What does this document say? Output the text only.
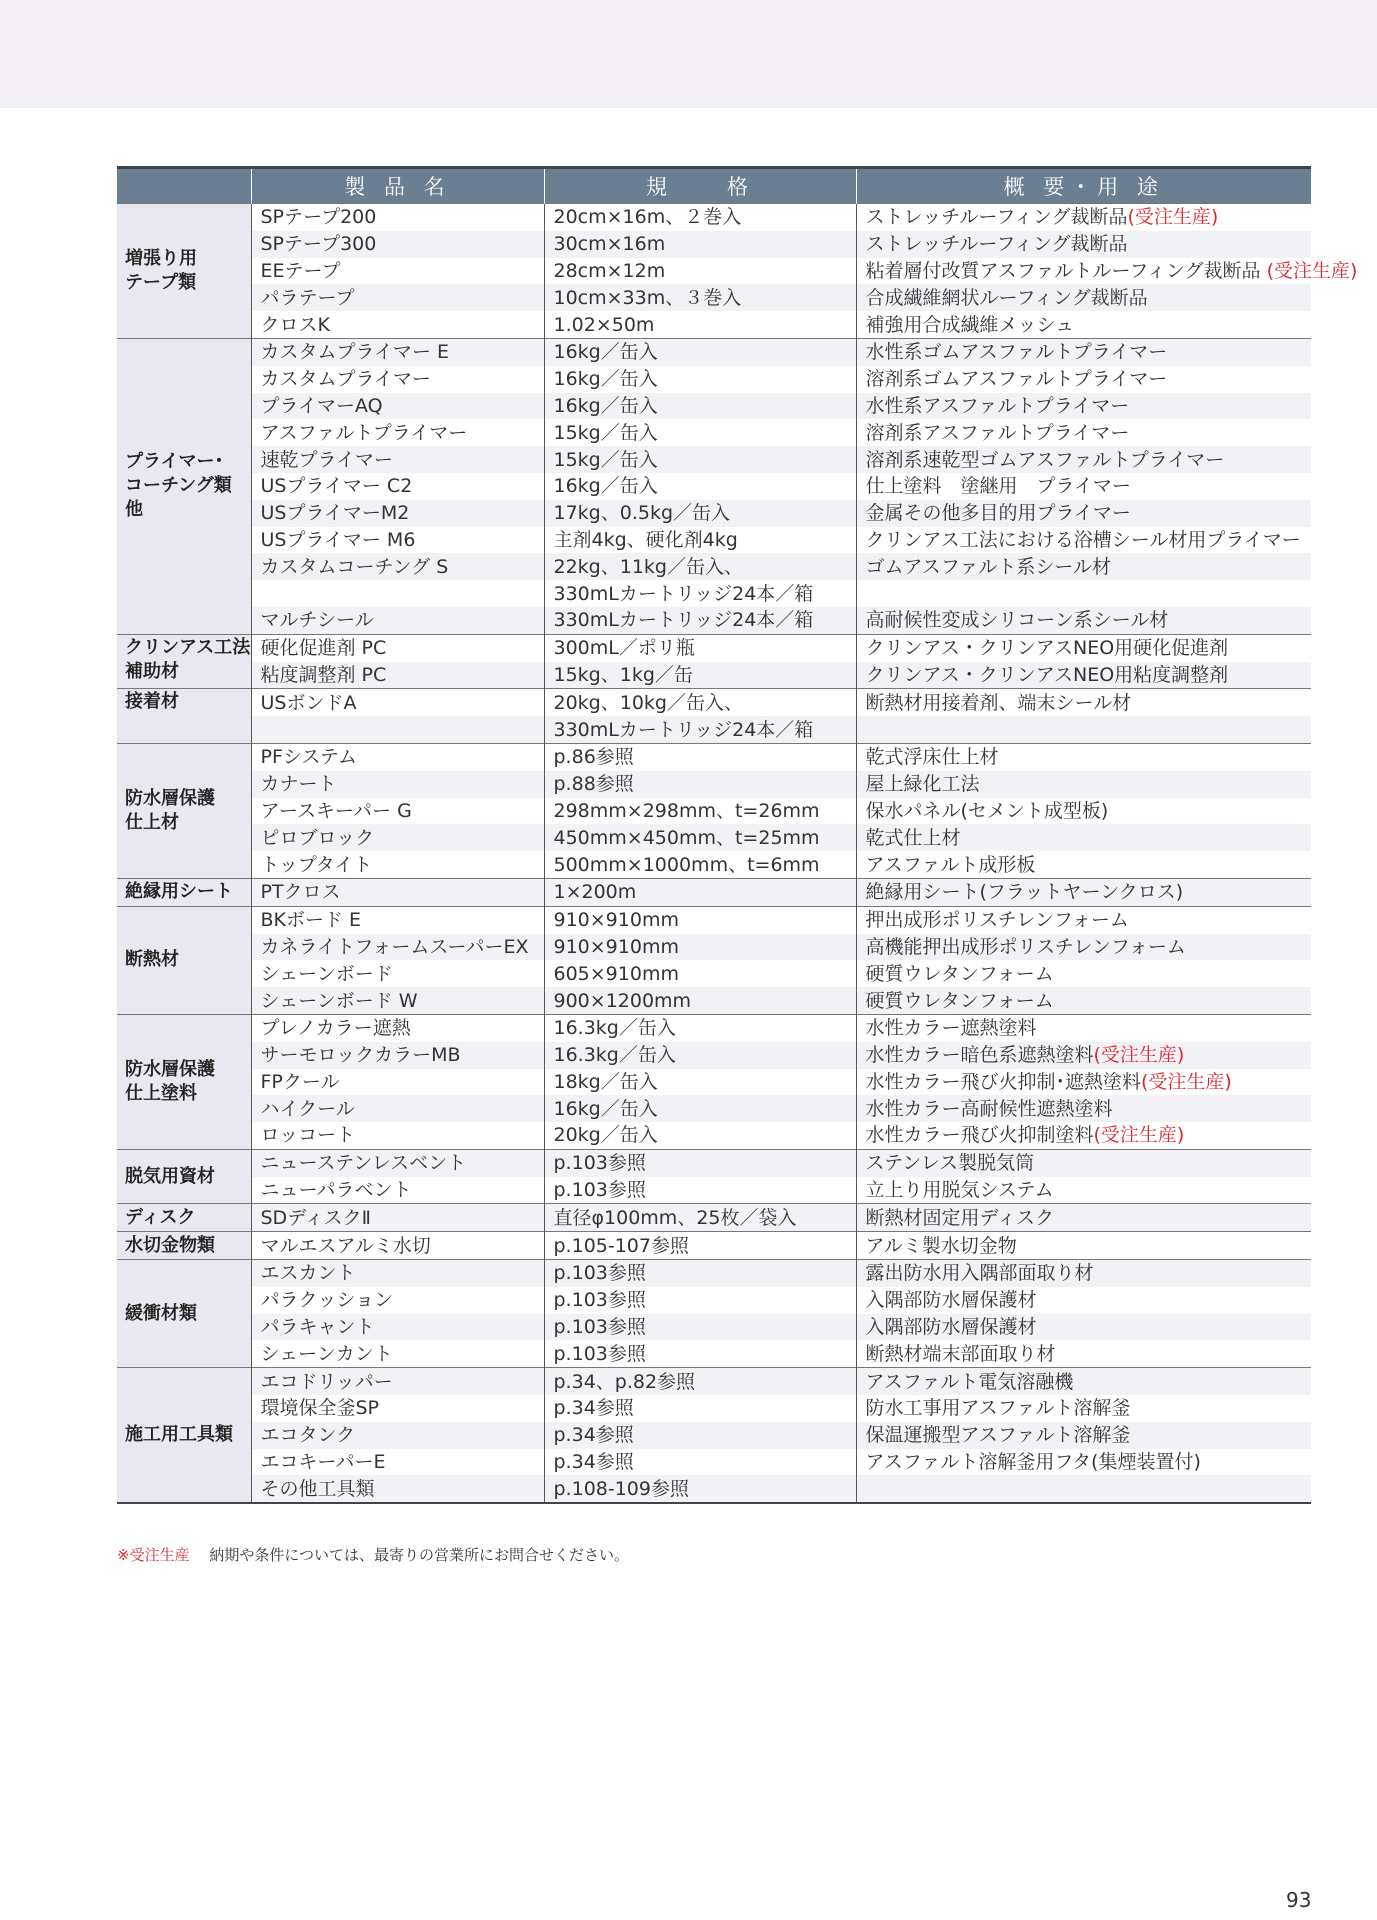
	製 品 名	規　　格	概 要・用 途
増張り用
テープ類	SPテープ200	20cm×16m、２巻入	ストレッチルーフィング裁断品(受注生産)
	SPテープ300	30cm×16m	ストレッチルーフィング裁断品
	EEテープ	28cm×12m	粘着層付改質アスファルトルーフィング裁断品 (受注生産)
	パラテープ	10cm×33m、３巻入	合成繊維網状ルーフィング裁断品
	クロスK	1.02×50m	補強用合成繊維メッシュ
プライマー･
コーチング類
他	カスタムプライマー E	16kg／缶入	水性系ゴムアスファルトプライマー
	カスタムプライマー	16kg／缶入	溶剤系ゴムアスファルトプライマー
	プライマーAQ	16kg／缶入	水性系アスファルトプライマー
	アスファルトプライマー	15kg／缶入	溶剤系アスファルトプライマー
	速乾プライマー	15kg／缶入	溶剤系速乾型ゴムアスファルトプライマー
	USプライマー C2	16kg／缶入	仕上塗料　塗継用　プライマー
	USプライマーM2	17kg、0.5kg／缶入	金属その他多目的用プライマー
	USプライマー M6	主剤4kg、硬化剤4kg	クリンアス工法における浴槽シール材用プライマー
	カスタムコーチング S	22kg、11kg／缶入、	ゴムアスファルト系シール材
		330mLカートリッジ24本／箱	
	マルチシール	330mLカートリッジ24本／箱	高耐候性変成シリコーン系シール材
クリンアス工法
補助材	硬化促進剤 PC	300mL／ポリ瓶	クリンアス・クリンアスNEO用硬化促進剤
	粘度調整剤 PC	15kg、1kg／缶	クリンアス・クリンアスNEO用粘度調整剤
接着材	USボンドA	20kg、10kg／缶入、	断熱材用接着剤、端末シール材
		330mLカートリッジ24本／箱	
防水層保護
仕上材	PFシステム	p.86参照	乾式浮床仕上材
	カナート	p.88参照	屋上緑化工法
	アースキーパー G	298mm×298mm、t=26mm	保水パネル(セメント成型板)
	ピロブロック	450mm×450mm、t=25mm	乾式仕上材
	トップタイト	500mm×1000mm、t=6mm	アスファルト成形板
絶縁用シート	PTクロス	1×200m	絶縁用シート(フラットヤーンクロス)
断熱材	BKボード E	910×910mm	押出成形ポリスチレンフォーム
	カネライトフォームスーパーEX	910×910mm	高機能押出成形ポリスチレンフォーム
	シェーンボード	605×910mm	硬質ウレタンフォーム
	シェーンボード W	900×1200mm	硬質ウレタンフォーム
防水層保護
仕上塗料	プレノカラー遮熱	16.3kg／缶入	水性カラー遮熱塗料
	サーモロックカラーMB	16.3kg／缶入	水性カラー暗色系遮熱塗料(受注生産)
	FPクール	18kg／缶入	水性カラー飛び火抑制･遮熱塗料(受注生産)
	ハイクール	16kg／缶入	水性カラー高耐候性遮熱塗料
	ロッコート	20kg／缶入	水性カラー飛び火抑制塗料(受注生産)
脱気用資材	ニューステンレスベント	p.103参照	ステンレス製脱気筒
	ニューパラベント	p.103参照	立上り用脱気システム
ディスク	SDディスクⅡ	直径φ100mm、25枚／袋入	断熱材固定用ディスク
水切金物類	マルエスアルミ水切	p.105-107参照	アルミ製水切金物
緩衝材類	エスカント	p.103参照	露出防水用入隅部面取り材
	パラクッション	p.103参照	入隅部防水層保護材
	パラキャント	p.103参照	入隅部防水層保護材
	シェーンカント	p.103参照	断熱材端末部面取り材
施工用工具類	エコドリッパー	p.34、p.82参照	アスファルト電気溶融機
	環境保全釜SP	p.34参照	防水工事用アスファルト溶解釜
	エコタンク	p.34参照	保温運搬型アスファルト溶解釜
	エコキーパーE	p.34参照	アスファルト溶解釜用フタ(集煙装置付)
	その他工具類	p.108-109参照	
※受注生産　 納期や条件については、最寄りの営業所にお問合せください。
93
